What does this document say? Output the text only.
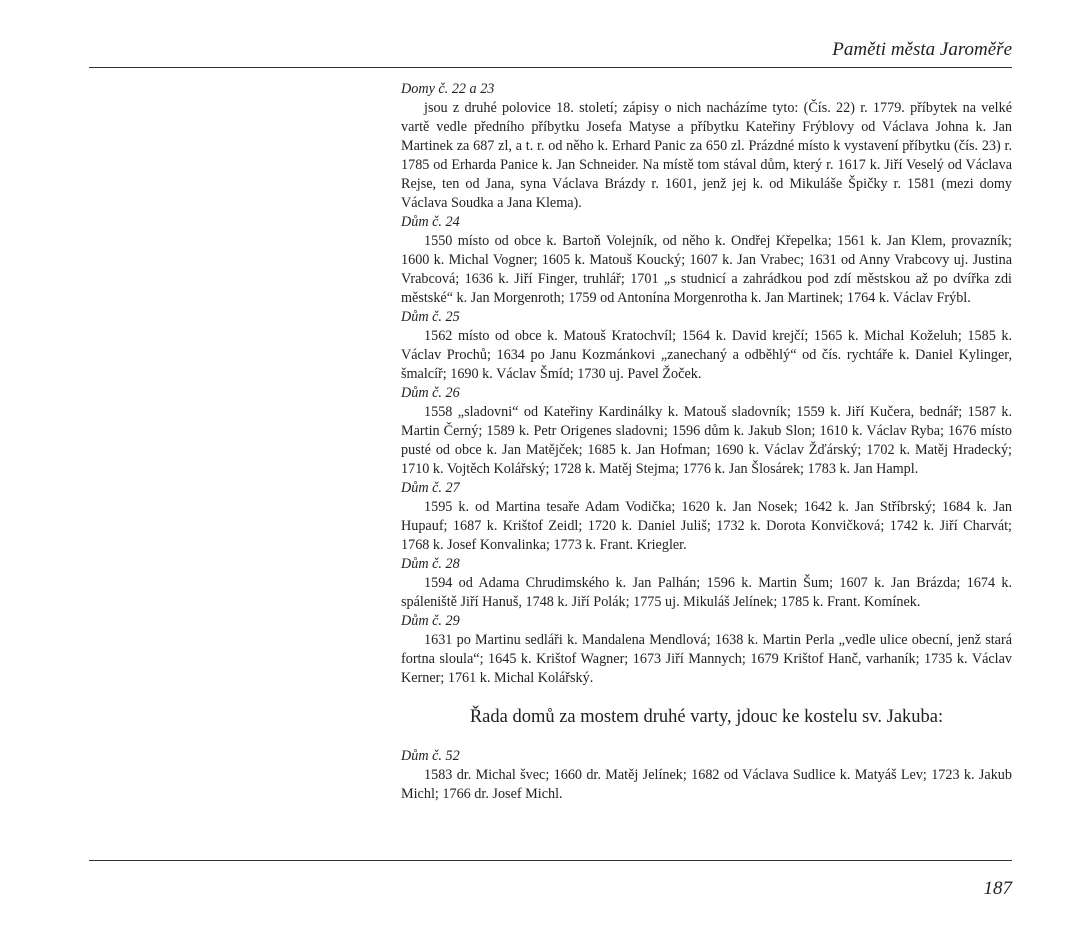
Paměti města Jaroměře

Domy č. 22 a 23

jsou z druhé polovice 18. století; zápisy o nich nacházíme tyto: (Čís. 22) r. 1779. příbytek na velké vartě vedle předního příbytku Josefa Matyse a příbytku Kateřiny Frýblovy od Václava Johna k. Jan Martinek za 687 zl, a t. r. od něho k. Erhard Panic za 650 zl. Prázdné místo k vystavení příbytku (čís. 23) r. 1785 od Erharda Panice k. Jan Schneider. Na místě tom stával dům, který r. 1617 k. Jiří Veselý od Václava Rejse, ten od Jana, syna Václava Brázdy r. 1601, jenž jej k. od Mikuláše Špičky r. 1581 (mezi domy Václava Soudka a Jana Klema).

Dům č. 24

1550 místo od obce k. Bartoň Volejník, od něho k. Ondřej Křepelka; 1561 k. Jan Klem, provazník; 1600 k. Michal Vogner; 1605 k. Matouš Koucký; 1607 k. Jan Vrabec; 1631 od Anny Vrabcovy uj. Justina Vrabcová; 1636 k. Jiří Finger, truhlář; 1701 „s studnicí a zahrádkou pod zdí městskou až po dvířka zdi městské“ k. Jan Morgenroth; 1759 od Antonína Morgenrotha k. Jan Martinek; 1764 k. Václav Frýbl.

Dům č. 25

1562 místo od obce k. Matouš Kratochvíl; 1564 k. David krejčí; 1565 k. Michal Koželuh; 1585 k. Václav Prochů; 1634 po Janu Kozmánkovi „zanechaný a odběhlý“ od čís. rychtáře k. Daniel Kylinger, šmalcíř; 1690 k. Václav Šmíd; 1730 uj. Pavel Žoček.

Dům č. 26

1558 „sladovni“ od Kateřiny Kardinálky k. Matouš sladovník; 1559 k. Jiří Kučera, bednář; 1587 k. Martin Černý; 1589 k. Petr Origenes sladovni; 1596 dům k. Jakub Slon; 1610 k. Václav Ryba; 1676 místo pusté od obce k. Jan Matějček; 1685 k. Jan Hofman; 1690 k. Václav Žďárský; 1702 k. Matěj Hradecký; 1710 k. Vojtěch Kolářský; 1728 k. Matěj Stejma; 1776 k. Jan Šlosárek; 1783 k. Jan Hampl.

Dům č. 27

1595 k. od Martina tesaře Adam Vodička; 1620 k. Jan Nosek; 1642 k. Jan Stříbrský; 1684 k. Jan Hupauf; 1687 k. Krištof Zeidl; 1720 k. Daniel Juliš; 1732 k. Dorota Konvičková; 1742 k. Jiří Charvát; 1768 k. Josef Konvalinka; 1773 k. Frant. Kriegler.

Dům č. 28

1594 od Adama Chrudimského k. Jan Palhán; 1596 k. Martin Šum; 1607 k. Jan Brázda; 1674 k. spáleniště Jiří Hanuš, 1748 k. Jiří Polák; 1775 uj. Mikuláš Jelínek; 1785 k. Frant. Komínek.

Dům č. 29

1631 po Martinu sedláři k. Mandalena Mendlová; 1638 k. Martin Perla „vedle ulice obecní, jenž stará fortna sloula“; 1645 k. Krištof Wagner; 1673 Jiří Mannych; 1679 Krištof Hanč, varhaník; 1735 k. Václav Kerner; 1761 k. Michal Kolářský.

Řada domů za mostem druhé varty, jdouc ke kostelu sv. Jakuba:

Dům č. 52

1583 dr. Michal švec; 1660 dr. Matěj Jelínek; 1682 od Václava Sudlice k. Matyáš Lev; 1723 k. Jakub Michl; 1766 dr. Josef Michl.

187
